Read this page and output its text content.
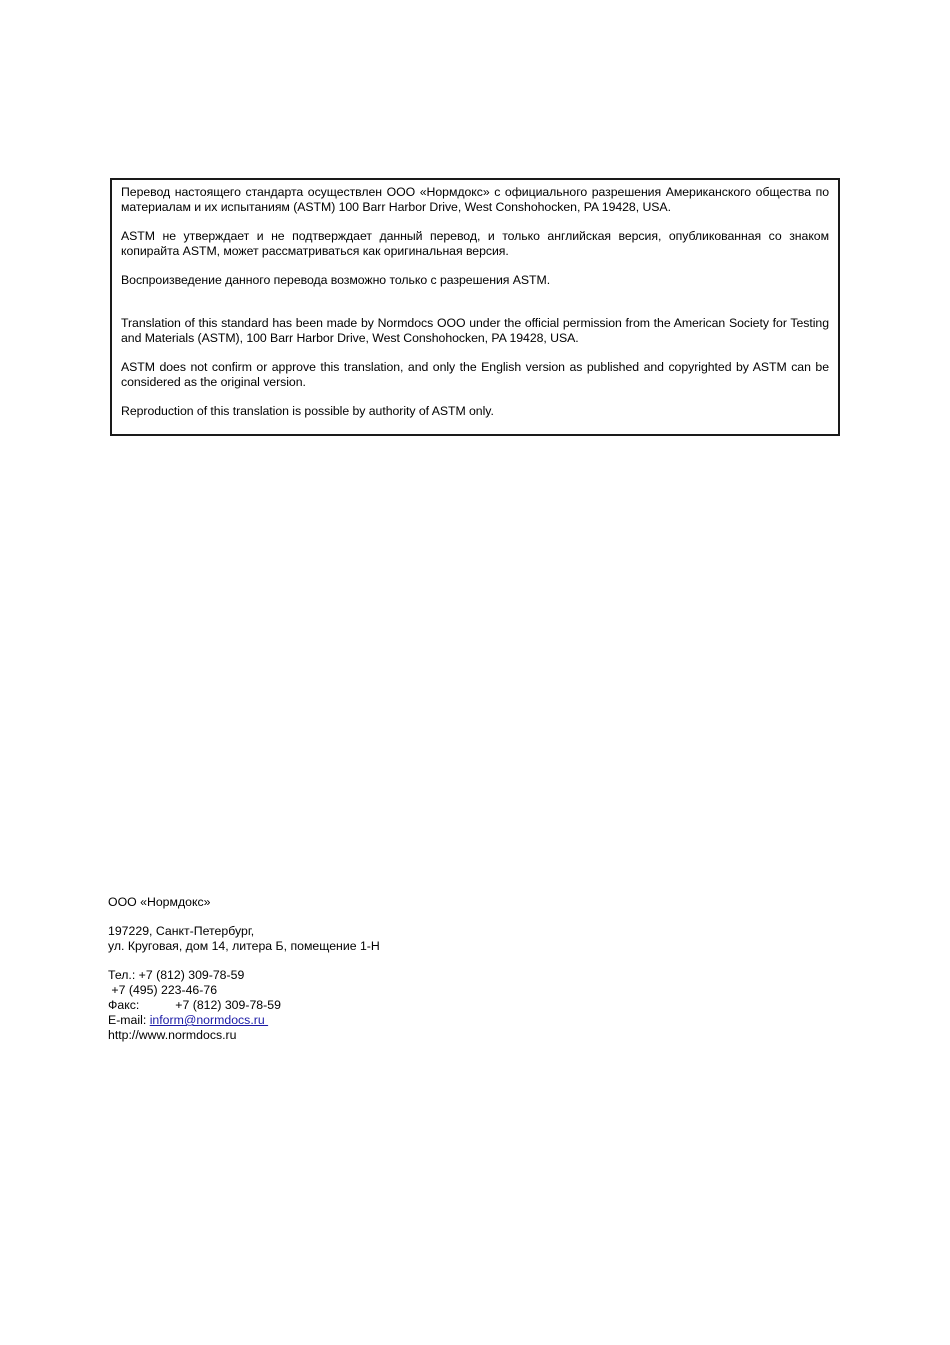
Перевод настоящего стандарта осуществлен ООО «Нормдокс» с официального разрешения Американского общества по материалам и их испытаниям (ASTM) 100 Barr Harbor Drive, West Conshohocken, PA 19428, USA.

ASTM не утверждает и не подтверждает данный перевод, и только английская версия, опубликованная со знаком копирайта ASTM, может рассматриваться как оригинальная версия.

Воспроизведение данного перевода возможно только с разрешения ASTM.

Translation of this standard has been made by Normdocs OOO under the official permission from the American Society for Testing and Materials (ASTM), 100 Barr Harbor Drive, West Conshohocken, PA 19428, USA.

ASTM does not confirm or approve this translation, and only the English version as published and copyrighted by ASTM can be considered as the original version.

Reproduction of this translation is possible by authority of ASTM only.

ООО «Нормдокс»
197229, Санкт-Петербург,
ул. Круговая, дом 14, литера Б, помещение 1-Н
Тел.: +7 (812) 309-78-59
+7 (495) 223-46-76
Факс:	+7 (812) 309-78-59
E-mail: inform@normdocs.ru
http://www.normdocs.ru
